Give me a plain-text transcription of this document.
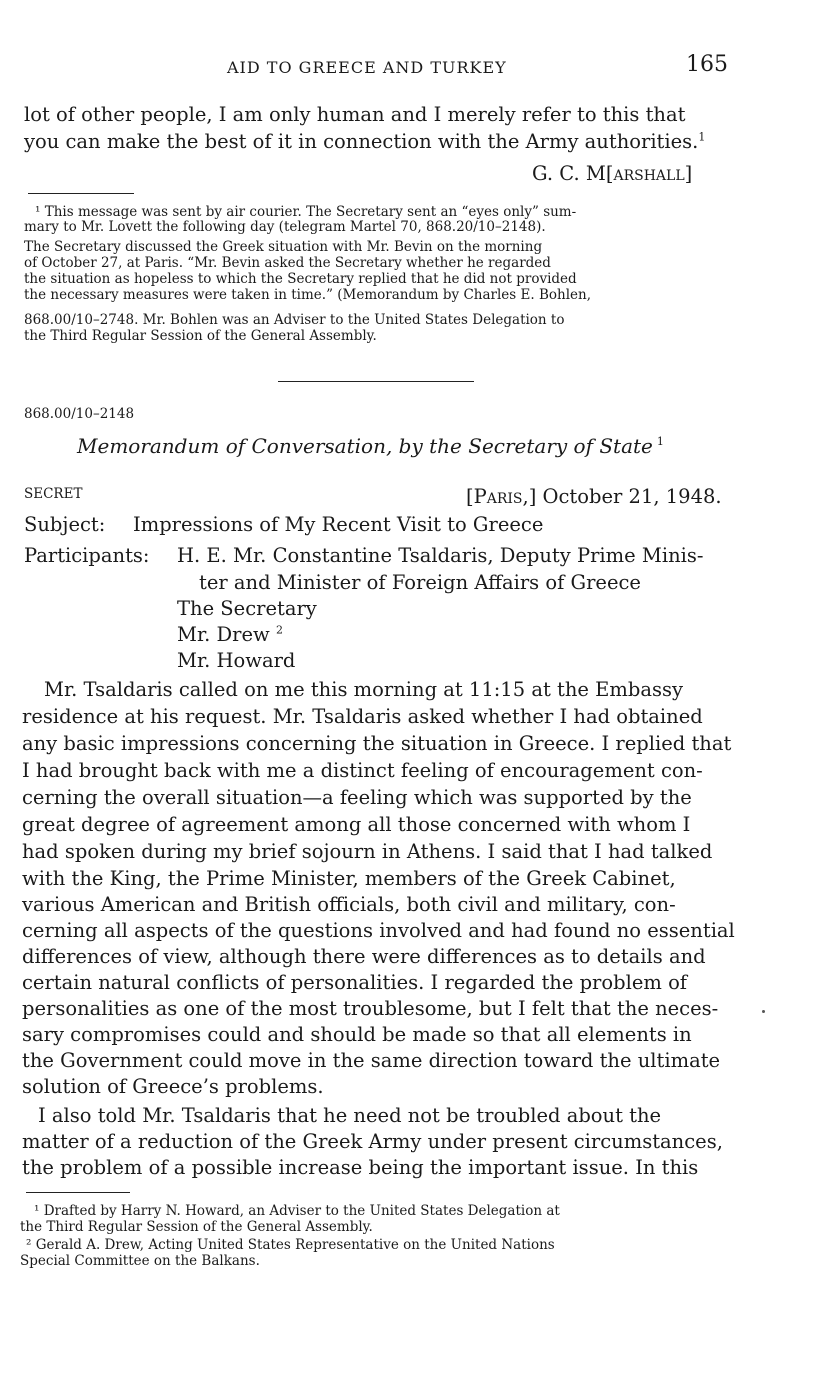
AID TO GREECE AND TURKEY	165

lot of other people, I am only human and I merely refer to this that

you can make the best of it in connection with the Army authorities.$^1$

G. C. M[arshall]

¹ This message was sent by air courier. The Secretary sent an “eyes only” sum-

mary to Mr. Lovett the following day (telegram Martel 70, 868.20/10–2148).

The Secretary discussed the Greek situation with Mr. Bevin on the morning

of October 27, at Paris. “Mr. Bevin asked the Secretary whether he regarded

the situation as hopeless to which the Secretary replied that he did not provided

the necessary measures were taken in time.” (Memorandum by Charles E. Bohlen,

868.00/10–2748. Mr. Bohlen was an Adviser to the United States Delegation to

the Third Regular Session of the General Assembly.

868.00/10–2148

Memorandum of Conversation, by the Secretary of State $^1$

SECRET	[Paris,] October 21, 1948.

Subject: Impressions of My Recent Visit to Greece

Participants: H. E. Mr. Constantine Tsaldaris, Deputy Prime Minis-

ter and Minister of Foreign Affairs of Greece

The Secretary

Mr. Drew $^2$

Mr. Howard

Mr. Tsaldaris called on me this morning at 11:15 at the Embassy

residence at his request. Mr. Tsaldaris asked whether I had obtained

any basic impressions concerning the situation in Greece. I replied that

I had brought back with me a distinct feeling of encouragement con-

cerning the overall situation—a feeling which was supported by the

great degree of agreement among all those concerned with whom I

had spoken during my brief sojourn in Athens. I said that I had talked

with the King, the Prime Minister, members of the Greek Cabinet,

various American and British officials, both civil and military, con-

cerning all aspects of the questions involved and had found no essential

differences of view, although there were differences as to details and

certain natural conflicts of personalities. I regarded the problem of

personalities as one of the most troublesome, but I felt that the neces-

sary compromises could and should be made so that all elements in

the Government could move in the same direction toward the ultimate

solution of Greece’s problems.

I also told Mr. Tsaldaris that he need not be troubled about the

matter of a reduction of the Greek Army under present circumstances,

the problem of a possible increase being the important issue. In this

¹ Drafted by Harry N. Howard, an Adviser to the United States Delegation at

the Third Regular Session of the General Assembly.

² Gerald A. Drew, Acting United States Representative on the United Nations

Special Committee on the Balkans.
